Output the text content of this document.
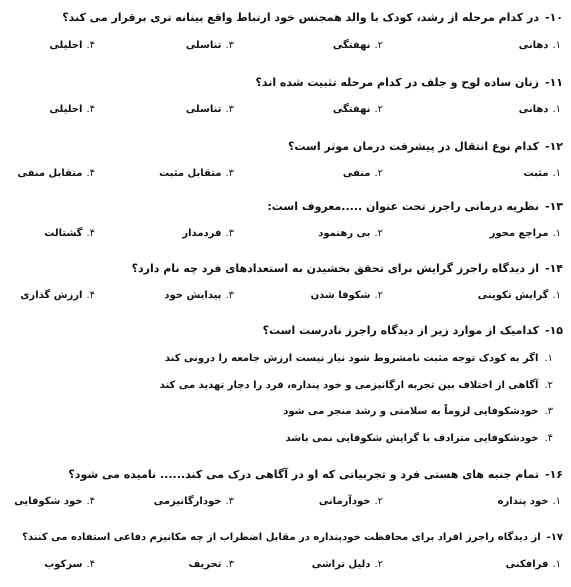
۱۰-در کدام مرحله از رشد، کودک با والد همجنس خود ارتباط واقع بینانه تری برقرار می کند؟
۱.دهانی
۲.نهفتگی
۳.تناسلی
۴.احلیلی
۱۱-زنان ساده لوح و جلف در کدام مرحله تثبیت شده اند؟
۱.دهانی
۲.نهفتگی
۳.تناسلی
۴.احلیلی
۱۲-کدام نوع انتقال در پیشرفت درمان موثر است؟
۱.مثبت
۲.منفی
۳.متقابل مثبت
۴.متقابل منفی
۱۳-نظریه درمانی راجرز تحت عنوان .....معروف است:
۱.مراجع محور
۲.بی رهنمود
۳.فردمدار
۴.گشتالت
۱۴-از دیدگاه راجرز گرایش برای تحقق بخشیدن به استعدادهای فرد چه نام دارد؟
۱.گرایش تکوینی
۲.شکوفا شدن
۳.پیدایش خود
۴.ارزش گذاری
۱۵-کدامیک از موارد زیر از دیدگاه راجرز نادرست است؟
۱.اگر به کودک توجه مثبت نامشروط شود نیاز نیست ارزش جامعه را درونی کند
۲.آگاهی از اختلاف بین تجربه ارگانیزمی و خود پنداره، فرد را دچار تهدید می کند
۳.خودشکوفایی لزوماً به سلامتی و رشد منجر می شود
۴.خودشکوفایی مترادف با گرایش شکوفایی نمی باشد
۱۶-تمام جنبه های هستی فرد و تجربیاتی که او در آگاهی درک می کند...... نامیده می شود؟
۱.خود پنداره
۲.خودآرمانی
۳.خودارگانیزمی
۴.خود شکوفایی
۱۷-از دیدگاه راجرز افراد برای محافظت خودپنداره در مقابل اضطراب از چه مکانیزم دفاعی استفاده می کنند؟
۱.فرافکنی
۲.دلیل تراشی
۳.تحریف
۴.سرکوب
